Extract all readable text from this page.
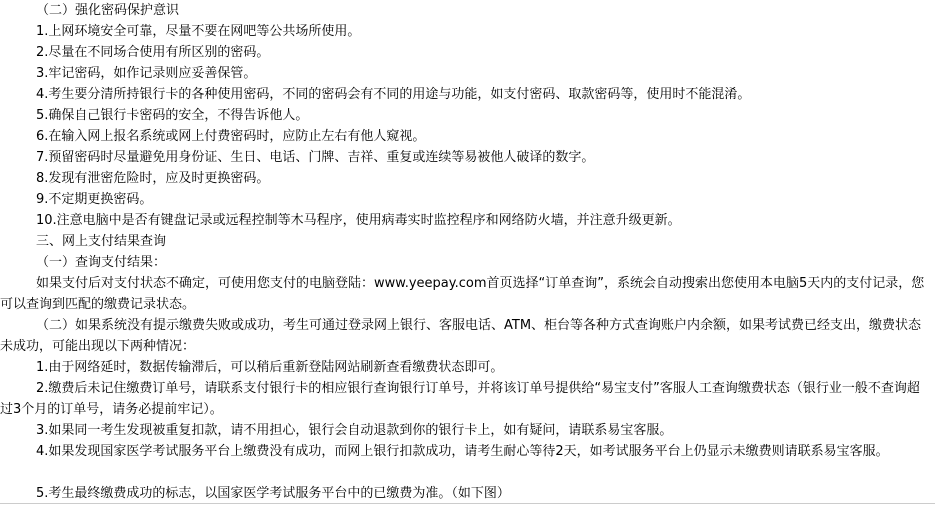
（二）强化密码保护意识
1.上网环境安全可靠，尽量不要在网吧等公共场所使用。
2.尽量在不同场合使用有所区别的密码。
3.牢记密码，如作记录则应妥善保管。
4.考生要分清所持银行卡的各种使用密码，不同的密码会有不同的用途与功能，如支付密码、取款密码等，使用时不能混淆。
5.确保自己银行卡密码的安全，不得告诉他人。
6.在输入网上报名系统或网上付费密码时，应防止左右有他人窥视。
7.预留密码时尽量避免用身份证、生日、电话、门牌、吉祥、重复或连续等易被他人破译的数字。
8.发现有泄密危险时，应及时更换密码。
9.不定期更换密码。
10.注意电脑中是否有键盘记录或远程控制等木马程序，使用病毒实时监控程序和网络防火墙，并注意升级更新。
三、网上支付结果查询
（一）查询支付结果：
如果支付后对支付状态不确定，可使用您支付的电脑登陆：www.yeepay.com首页选择“订单查询”，系统会自动搜索出您使用本电脑5天内的支付记录，您可以查询到匹配的缴费记录状态。
（二）如果系统没有提示缴费失败或成功，考生可通过登录网上银行、客服电话、ATM、柜台等各种方式查询账户内余额，如果考试费已经支出，缴费状态未成功，可能出现以下两种情况：
1.由于网络延时，数据传输滞后，可以稍后重新登陆网站刷新查看缴费状态即可。
2.缴费后未记住缴费订单号，请联系支付银行卡的相应银行查询银行订单号，并将该订单号提供给“易宝支付”客服人工查询缴费状态（银行业一般不查询超过3个月的订单号，请务必提前牢记）。
3.如果同一考生发现被重复扣款，请不用担心，银行会自动退款到你的银行卡上，如有疑问，请联系易宝客服。
4.如果发现国家医学考试服务平台上缴费没有成功，而网上银行扣款成功，请考生耐心等待2天，如考试服务平台上仍显示未缴费则请联系易宝客服。
5.考生最终缴费成功的标志，以国家医学考试服务平台中的已缴费为准。（如下图）
